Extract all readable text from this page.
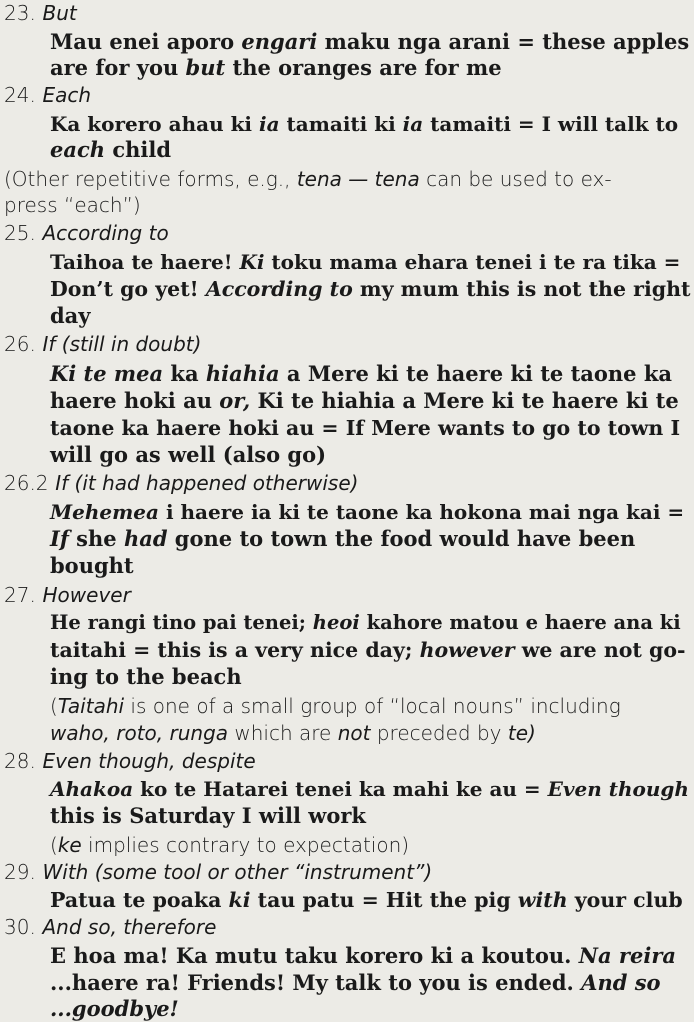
23. But
Mau enei aporo engari maku nga arani = these apples
are for you but the oranges are for me
24. Each
Ka korero ahau ki ia tamaiti ki ia tamaiti = I will talk to
each child
(Other repetitive forms, e.g., tena — tena can be used to ex-
press “each”)
25. According to
Taihoa te haere! Ki toku mama ehara tenei i te ra tika =
Don’t go yet! According to my mum this is not the right
day
26. If (still in doubt)
Ki te mea ka hiahia a Mere ki te haere ki te taone ka
haere hoki au or, Ki te hiahia a Mere ki te haere ki te
taone ka haere hoki au = If Mere wants to go to town I
will go as well (also go)
26.2 If (it had happened otherwise)
Mehemea i haere ia ki te taone ka hokona mai nga kai =
If she had gone to town the food would have been
bought
27. However
He rangi tino pai tenei; heoi kahore matou e haere ana ki
taitahi = this is a very nice day; however we are not go-
ing to the beach
(Taitahi is one of a small group of “local nouns” including
waho, roto, runga which are not preceded by te)
28. Even though, despite
Ahakoa ko te Hatarei tenei ka mahi ke au = Even though
this is Saturday I will work
(ke implies contrary to expectation)
29. With (some tool or other “instrument”)
Patua te poaka ki tau patu = Hit the pig with your club
30. And so, therefore
E hoa ma! Ka mutu taku korero ki a koutou. Na reira
...haere ra! Friends! My talk to you is ended. And so
...goodbye!
